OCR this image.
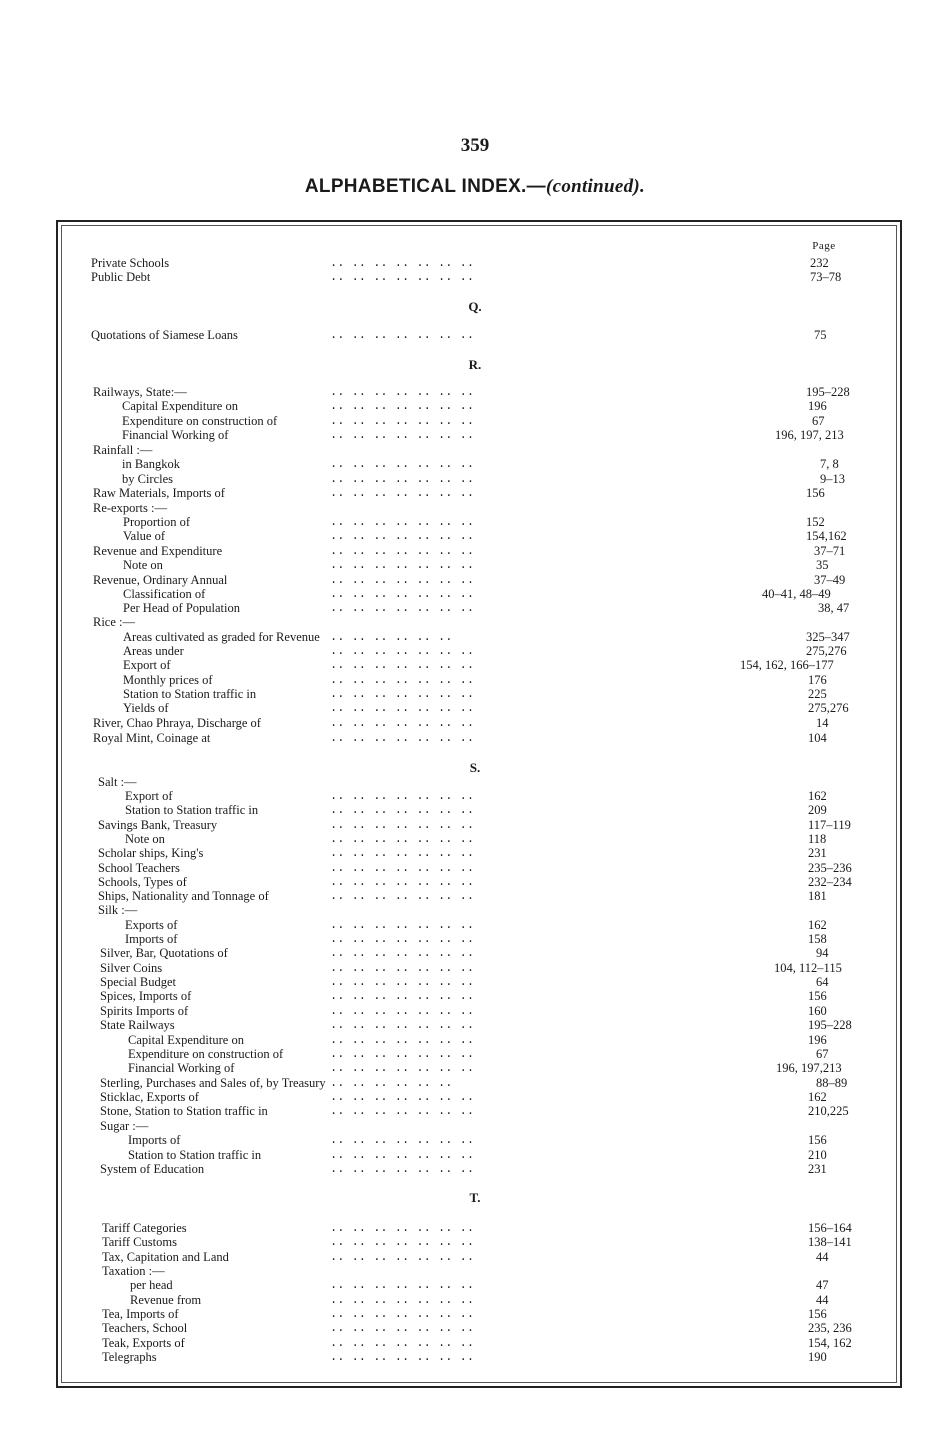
359
ALPHABETICAL INDEX.—(continued).
Page
Q.
R.
S.
T.
Private Schools	.. .. .. .. .. .. ..	232
Public Debt	.. .. .. .. .. .. ..	73–78
Quotations of Siamese Loans	.. .. .. .. .. .. ..	75
Railways, State:—	.. .. .. .. .. .. ..	195–228
Capital Expenditure on	.. .. .. .. .. .. ..	196
Expenditure on construction of	.. .. .. .. .. .. ..	67
Financial Working of	.. .. .. .. .. .. ..	196, 197, 213
Rainfall :—
in Bangkok	.. .. .. .. .. .. ..	7, 8
by Circles	.. .. .. .. .. .. ..	9–13
Raw Materials, Imports of	.. .. .. .. .. .. ..	156
Re-exports :—
Proportion of	.. .. .. .. .. .. ..	152
Value of	.. .. .. .. .. .. ..	154,162
Revenue and Expenditure	.. .. .. .. .. .. ..	37–71
Note on	.. .. .. .. .. .. ..	35
Revenue, Ordinary Annual	.. .. .. .. .. .. ..	37–49
Classification of	.. .. .. .. .. .. ..	40–41, 48–49
Per Head of Population	.. .. .. .. .. .. ..	38, 47
Rice :—
Areas cultivated as graded for Revenue .. .. .. .. .. ..	325–347
Areas under	.. .. .. .. .. .. ..	275,276
Export of	.. .. .. .. .. .. ..	154, 162, 166–177
Monthly prices of	.. .. .. .. .. .. ..	176
Station to Station traffic in	.. .. .. .. .. .. ..	225
Yields of	.. .. .. .. .. .. ..	275,276
River, Chao Phraya, Discharge of	.. .. .. .. .. .. ..	14
Royal Mint, Coinage at	.. .. .. .. .. .. ..	104
Salt :—
Export of	.. .. .. .. .. .. ..	162
Station to Station traffic in	.. .. .. .. .. .. ..	209
Savings Bank, Treasury	.. .. .. .. .. .. ..	117–119
Note on	.. .. .. .. .. .. ..	118
Scholar ships, King's	.. .. .. .. .. .. ..	231
School Teachers	.. .. .. .. .. .. ..	235–236
Schools, Types of	.. .. .. .. .. .. ..	232–234
Ships, Nationality and Tonnage of	.. .. .. .. .. .. ..	181
Silk :—
Exports of	.. .. .. .. .. .. ..	162
Imports of	.. .. .. .. .. .. ..	158
Silver, Bar, Quotations of	.. .. .. .. .. .. ..	94
Silver Coins	.. .. .. .. .. .. ..	104, 112–115
Special Budget	.. .. .. .. .. .. ..	64
Spices, Imports of	.. .. .. .. .. .. ..	156
Spirits Imports of	.. .. .. .. .. .. ..	160
State Railways	.. .. .. .. .. .. ..	195–228
Capital Expenditure on	.. .. .. .. .. .. ..	196
Expenditure on construction of	.. .. .. .. .. .. ..	67
Financial Working of	.. .. .. .. .. .. ..	196, 197,213
Sterling, Purchases and Sales of, by Treasury .. .. .. .. .. ..	88–89
Sticklac, Exports of	.. .. .. .. .. .. ..	162
Stone, Station to Station traffic in	.. .. .. .. .. .. ..	210,225
Sugar :—
Imports of	.. .. .. .. .. .. ..	156
Station to Station traffic in	.. .. .. .. .. .. ..	210
System of Education	.. .. .. .. .. .. ..	231
Tariff Categories	.. .. .. .. .. .. ..	156–164
Tariff Customs	.. .. .. .. .. .. ..	138–141
Tax, Capitation and Land	.. .. .. .. .. .. ..	44
Taxation :—
per head	.. .. .. .. .. .. ..	47
Revenue from	.. .. .. .. .. .. ..	44
Tea, Imports of	.. .. .. .. .. .. ..	156
Teachers, School	.. .. .. .. .. .. ..	235, 236
Teak, Exports of	.. .. .. .. .. .. ..	154, 162
Telegraphs	.. .. .. .. .. .. ..	190
